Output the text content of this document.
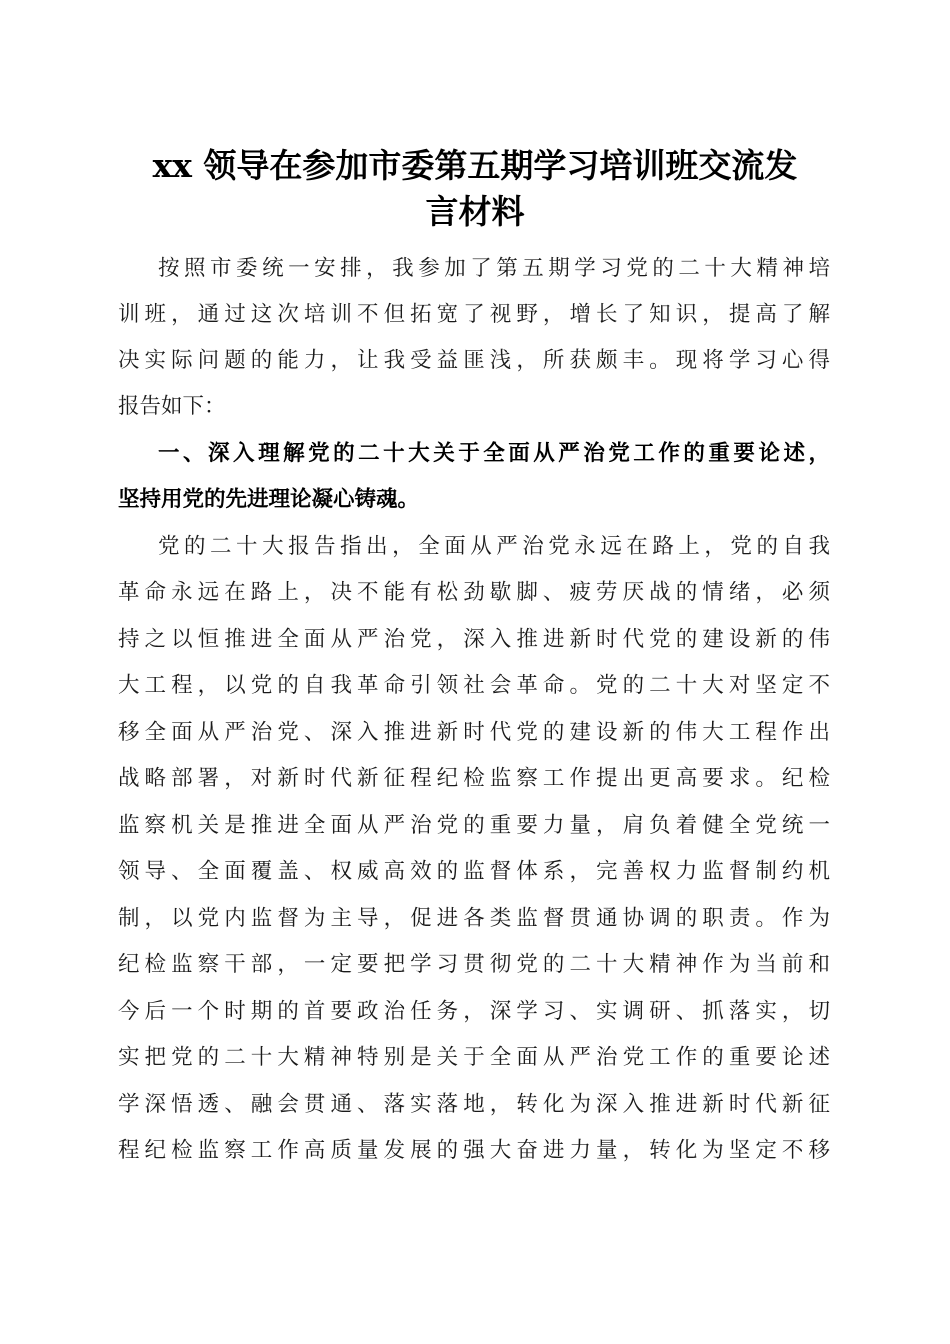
xx 领导在参加市委第五期学习培训班交流发
言材料
按照市委统一安排，我参加了第五期学习党的二十大精神培
训班，通过这次培训不但拓宽了视野，增长了知识，提高了解
决实际问题的能力，让我受益匪浅，所获颇丰。现将学习心得
报告如下：
一、深入理解党的二十大关于全面从严治党工作的重要论述，
坚持用党的先进理论凝心铸魂。
党的二十大报告指出，全面从严治党永远在路上，党的自我
革命永远在路上，决不能有松劲歇脚、疲劳厌战的情绪，必须
持之以恒推进全面从严治党，深入推进新时代党的建设新的伟
大工程，以党的自我革命引领社会革命。党的二十大对坚定不
移全面从严治党、深入推进新时代党的建设新的伟大工程作出
战略部署，对新时代新征程纪检监察工作提出更高要求。纪检
监察机关是推进全面从严治党的重要力量，肩负着健全党统一
领导、全面覆盖、权威高效的监督体系，完善权力监督制约机
制，以党内监督为主导，促进各类监督贯通协调的职责。作为
纪检监察干部，一定要把学习贯彻党的二十大精神作为当前和
今后一个时期的首要政治任务，深学习、实调研、抓落实，切
实把党的二十大精神特别是关于全面从严治党工作的重要论述
学深悟透、融会贯通、落实落地，转化为深入推进新时代新征
程纪检监察工作高质量发展的强大奋进力量，转化为坚定不移
